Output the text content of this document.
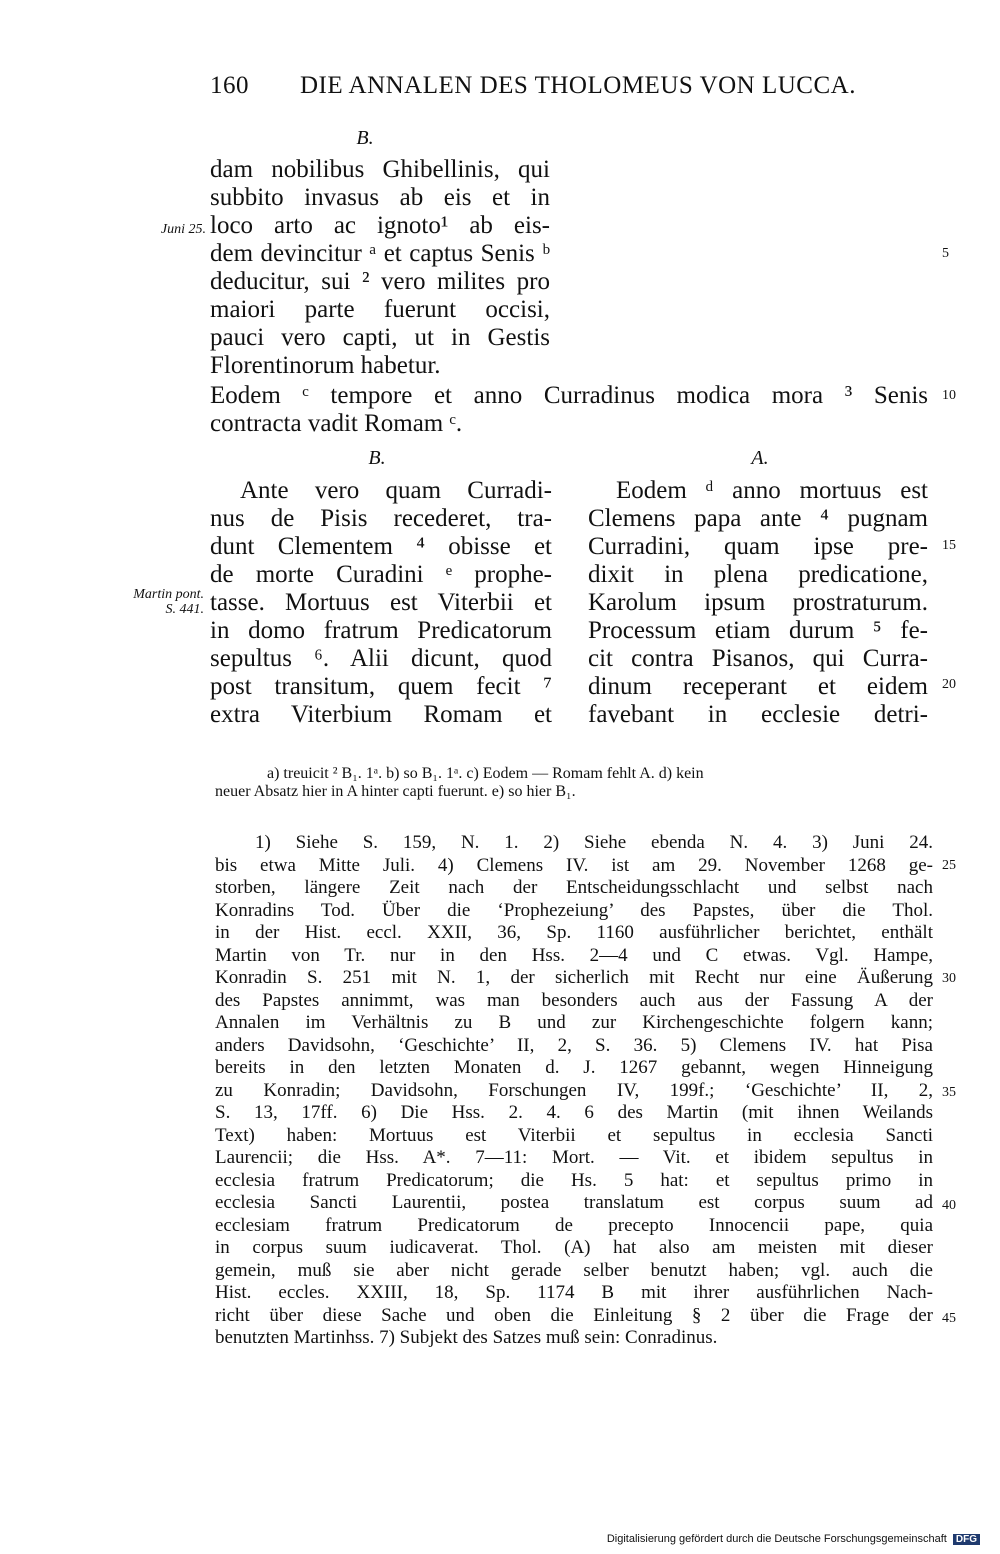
160 DIE ANNALEN DES THOLOMEUS VON LUCCA.
B.
dam nobilibus Ghibellinis, qui
subbito invasus ab eis et in
loco arto ac ignoto¹ ab eis-
dem devincitur ᵃ et captus Senis ᵇ
deducitur, sui ² vero milites pro
maiori parte fuerunt occisi,
pauci vero capti, ut in Gestis
Florentinorum habetur.
Juni 25.
Eodem ᶜ tempore et anno Curradinus modica mora ³ Senis
contracta vadit Romam ᶜ.
B.	A.
Ante vero quam Curradi-
nus de Pisis recederet, tra-
dunt Clementem ⁴ obisse et
de morte Curadini ᵉ prophe-
tasse. Mortuus est Viterbii et
in domo fratrum Predicatorum
sepultus ⁶. Alii dicunt, quod
post transitum, quem fecit ⁷
extra Viterbium Romam et
Martin pont.
S. 441.
Eodem ᵈ anno mortuus est
Clemens papa ante ⁴ pugnam
Curradini, quam ipse pre-
dixit in plena predicatione,
Karolum ipsum prostraturum.
Processum etiam durum ⁵ fe-
cit contra Pisanos, qui Curra-
dinum receperant et eidem
favebant in ecclesie detri-
5
10
15
20
a) treuicit ² B₁. 1ᵃ. b) so B₁. 1ᵃ. c) Eodem — Romam fehlt A. d) kein
neuer Absatz hier in A hinter capti fuerunt. e) so hier B₁.
1) Siehe S. 159, N. 1. 2) Siehe ebenda N. 4. 3) Juni 24.
bis etwa Mitte Juli. 4) Clemens IV. ist am 29. November 1268 ge-
storben, längere Zeit nach der Entscheidungsschlacht und selbst nach
Konradins Tod. Über die ‘Prophezeiung’ des Papstes, über die Thol.
in der Hist. eccl. XXII, 36, Sp. 1160 ausführlicher berichtet, enthält
Martin von Tr. nur in den Hss. 2—4 und C etwas. Vgl. Hampe,
Konradin S. 251 mit N. 1, der sicherlich mit Recht nur eine Äußerung
des Papstes annimmt, was man besonders auch aus der Fassung A der
Annalen im Verhältnis zu B und zur Kirchengeschichte folgern kann;
anders Davidsohn, ‘Geschichte’ II, 2, S. 36. 5) Clemens IV. hat Pisa
bereits in den letzten Monaten d. J. 1267 gebannt, wegen Hinneigung
zu Konradin; Davidsohn, Forschungen IV, 199f.; ‘Geschichte’ II, 2,
S. 13, 17ff. 6) Die Hss. 2. 4. 6 des Martin (mit ihnen Weilands
Text) haben: Mortuus est Viterbii et sepultus in ecclesia Sancti
Laurencii; die Hss. A*. 7—11: Mort. — Vit. et ibidem sepultus in
ecclesia fratrum Predicatorum; die Hs. 5 hat: et sepultus primo in
ecclesia Sancti Laurentii, postea translatum est corpus suum ad
ecclesiam fratrum Predicatorum de precepto Innocencii pape, quia
in corpus suum iudicaverat. Thol. (A) hat also am meisten mit dieser
gemein, muß sie aber nicht gerade selber benutzt haben; vgl. auch die
Hist. eccles. XXIII, 18, Sp. 1174 B mit ihrer ausführlichen Nach-
richt über diese Sache und oben die Einleitung § 2 über die Frage der
benutzten Martinhss. 7) Subjekt des Satzes muß sein: Conradinus.
25
30
35
40
45
Digitalisierung gefördert durch die Deutsche Forschungsgemeinschaft DFG
